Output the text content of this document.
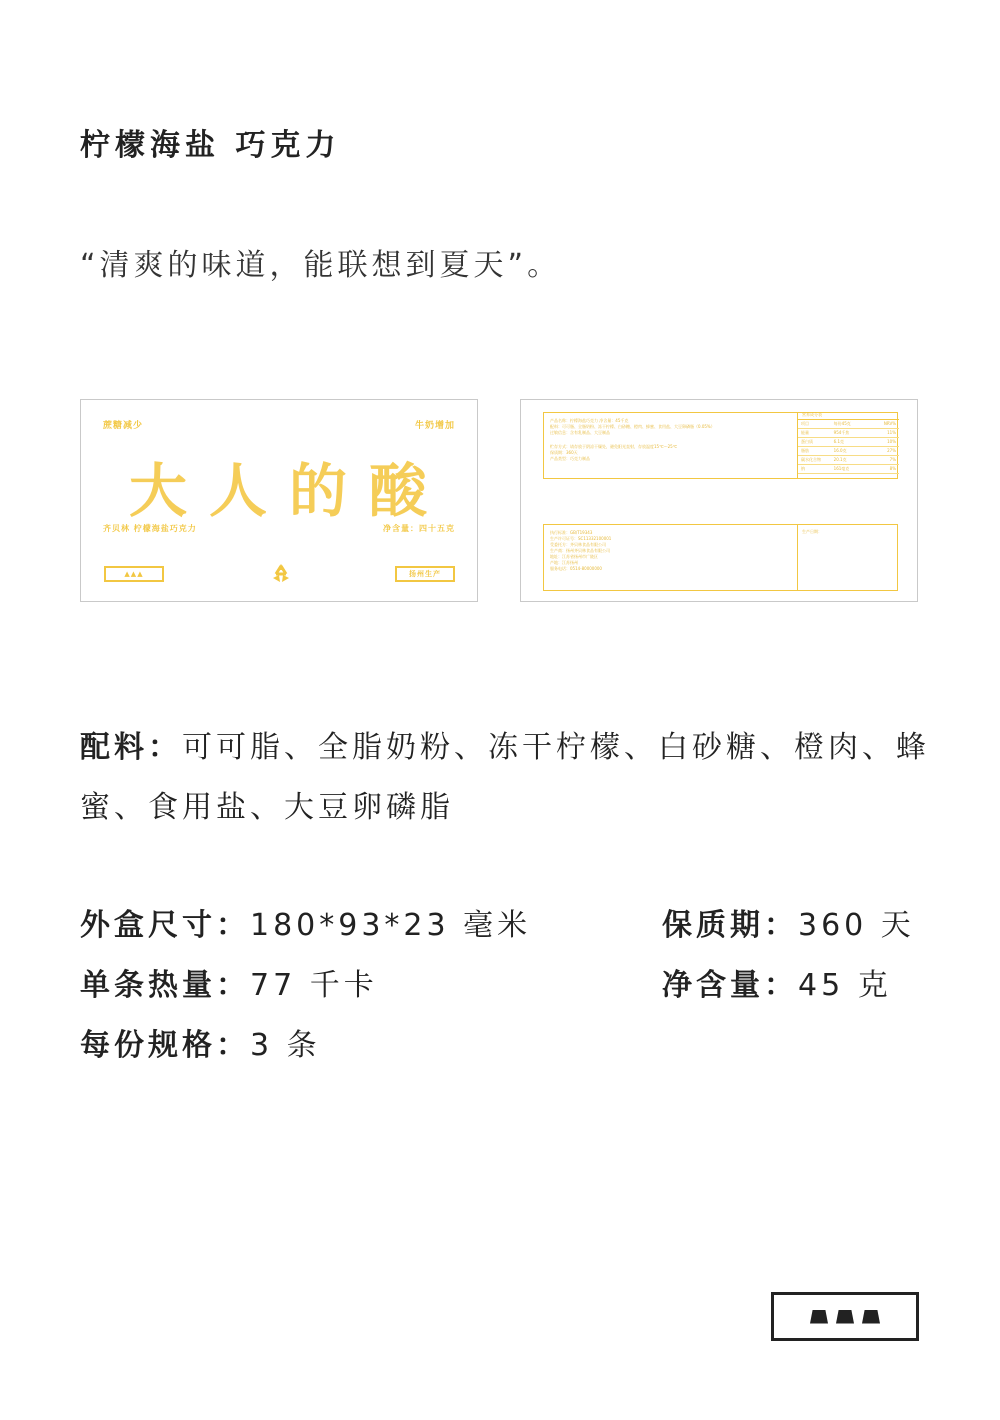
柠檬海盐 巧克力
“清爽的味道，能联想到夏天”。
蔗糖减少	牛奶增加
大人的酸
齐贝林 柠檬海盐巧克力	净含量：四十五克
▲▲▲	扬州生产
产品名称：柠檬海盐巧克力 净含量：45千克
配料：可可脂、全脂奶粉、冻干柠檬、白砂糖、橙肉、蜂蜜、食用盐、大豆卵磷脂（0.05%）
过敏信息：含有乳制品、大豆制品
贮存方式：请存放于阴凉干燥处，避免阳光直射，存放温度15℃～25℃
保质期：360天
产品类型：巧克力制品
营养成分表
项目	每份45克	NRV%
能量	954千焦	11%
蛋白质	6.1克	10%
脂肪	16.0克	27%
碳水化合物	20.1克	7%
钠	161毫克	8%
执行标准：GB/T19343
生产许可证号：SC11332100001
受委托方：齐贝林食品有限公司
生产商：扬州齐贝林食品有限公司
地址：江苏省扬州市广陵区
产地：江苏扬州
服务电话：0514-80000000
生产日期：
配料：可可脂、全脂奶粉、冻干柠檬、白砂糖、橙肉、蜂蜜、食用盐、大豆卵磷脂
外盒尺寸：180*93*23 毫米	保质期：360 天
单条热量：77 千卡	净含量：45 克
每份规格：3 条
